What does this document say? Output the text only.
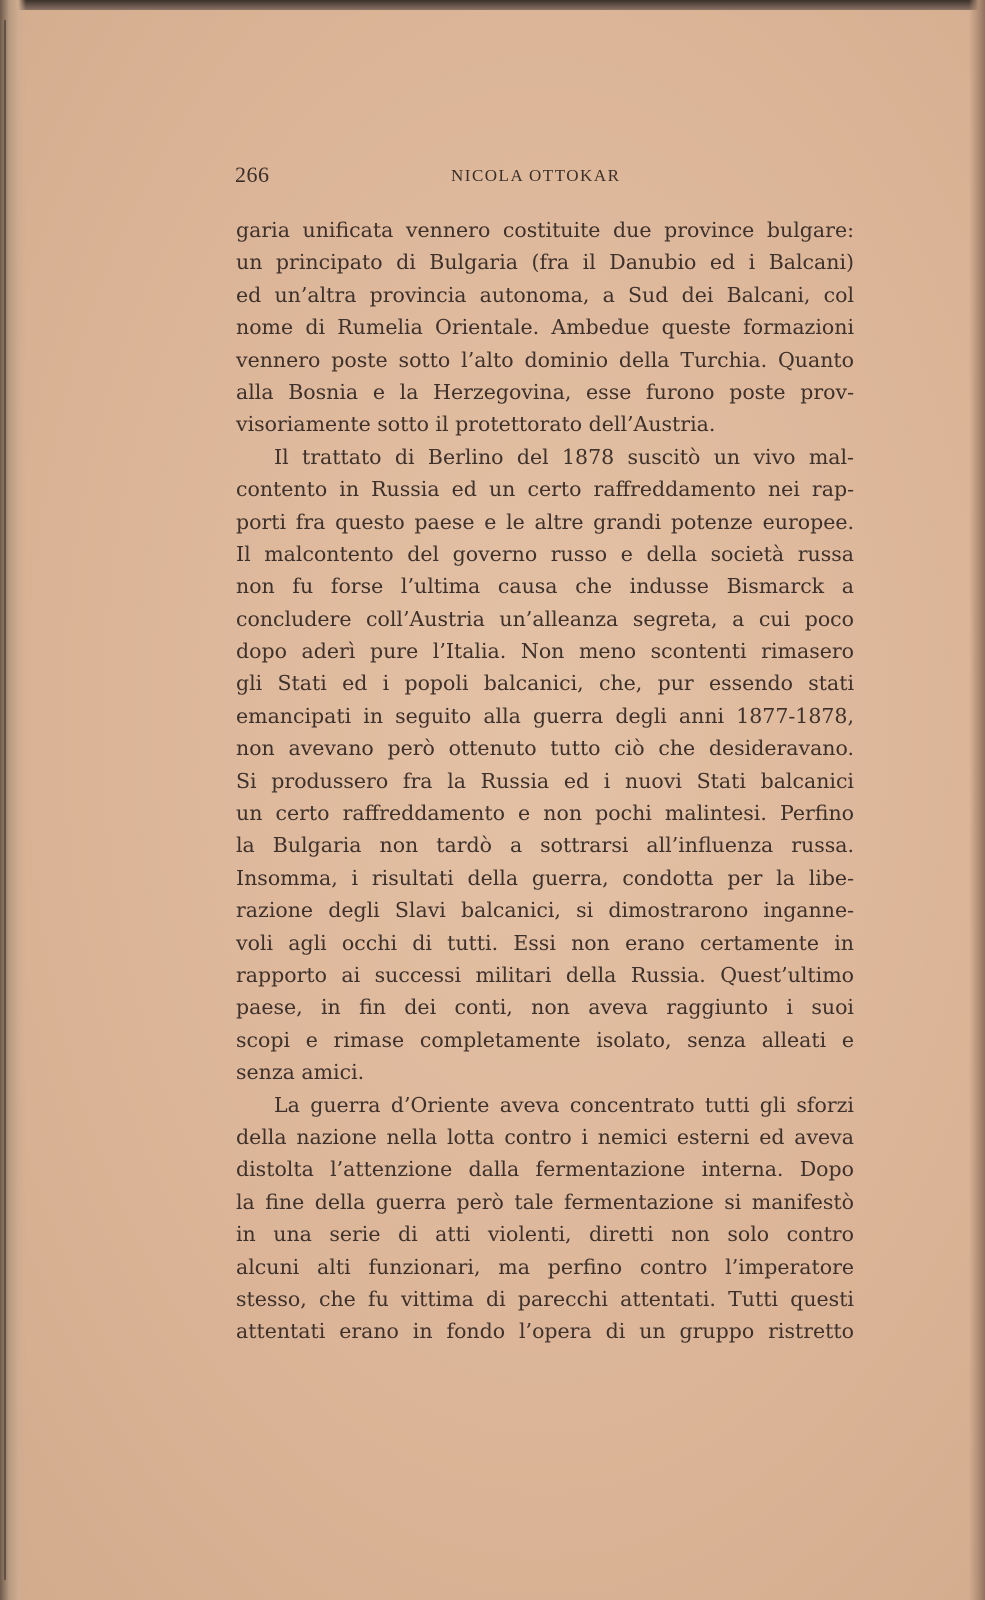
266	NICOLA OTTOKAR
garia unificata vennero costituite due province bulgare:
un principato di Bulgaria (fra il Danubio ed i Balcani)
ed un’altra provincia autonoma, a Sud dei Balcani, col
nome di Rumelia Orientale. Ambedue queste formazioni
vennero poste sotto l’alto dominio della Turchia. Quanto
alla Bosnia e la Herzegovina, esse furono poste prov-
visoriamente sotto il protettorato dell’Austria.
Il trattato di Berlino del 1878 suscitò un vivo mal-
contento in Russia ed un certo raffreddamento nei rap-
porti fra questo paese e le altre grandi potenze europee.
Il malcontento del governo russo e della società russa
non fu forse l’ultima causa che indusse Bismarck a
concludere coll’Austria un’alleanza segreta, a cui poco
dopo aderì pure l’Italia. Non meno scontenti rimasero
gli Stati ed i popoli balcanici, che, pur essendo stati
emancipati in seguito alla guerra degli anni 1877-1878,
non avevano però ottenuto tutto ciò che desideravano.
Si produssero fra la Russia ed i nuovi Stati balcanici
un certo raffreddamento e non pochi malintesi. Perfino
la Bulgaria non tardò a sottrarsi all’influenza russa.
Insomma, i risultati della guerra, condotta per la libe-
razione degli Slavi balcanici, si dimostrarono inganne-
voli agli occhi di tutti. Essi non erano certamente in
rapporto ai successi militari della Russia. Quest’ultimo
paese, in fin dei conti, non aveva raggiunto i suoi
scopi e rimase completamente isolato, senza alleati e
senza amici.
La guerra d’Oriente aveva concentrato tutti gli sforzi
della nazione nella lotta contro i nemici esterni ed aveva
distolta l’attenzione dalla fermentazione interna. Dopo
la fine della guerra però tale fermentazione si manifestò
in una serie di atti violenti, diretti non solo contro
alcuni alti funzionari, ma perfino contro l’imperatore
stesso, che fu vittima di parecchi attentati. Tutti questi
attentati erano in fondo l’opera di un gruppo ristretto
